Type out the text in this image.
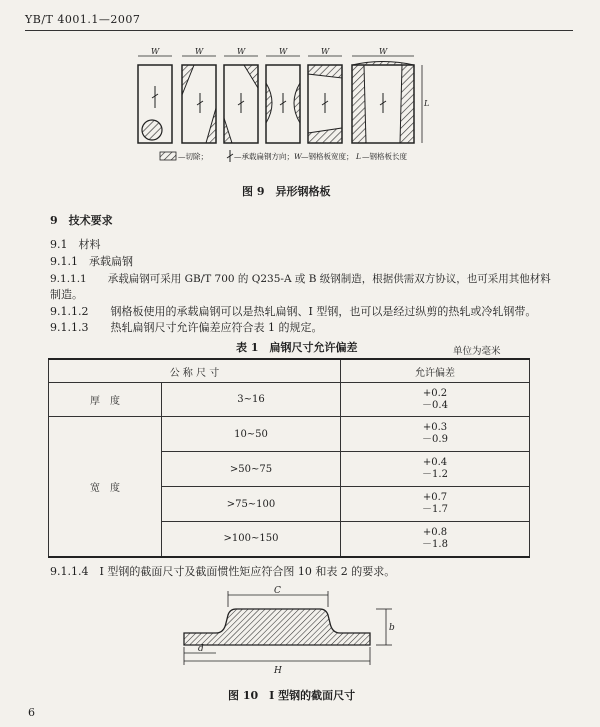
YB/T 4001.1—2007
W	W	W	W	W	W
L
—切除；	—承载扁钢方向； W —钢格板宽度； L —钢格板长度
图 9　异形钢格板
9　技术要求
9.1　材料
9.1.1　承载扁钢
9.1.1.1　　承载扁钢可采用 GB/T 700 的 Q235-A 或 B 级钢制造，根据供需双方协议，也可采用其他材料
制造。
9.1.1.2　　钢格板使用的承载扁钢可以是热轧扁钢、I 型钢，也可以是经过纵剪的热轧或冷轧钢带。
9.1.1.3　　热轧扁钢尺寸允许偏差应符合表 1 的规定。
表 1　扁钢尺寸允许偏差	单位为毫米
公 称 尺 寸		允许偏差
厚　度	3~16	+0.2
－0.4

宽　度	10~50	+0.3
－0.9

	>50~75	+0.4
－1.2

	>75~100	+0.7
－1.7

	>100~150	+0.8
－1.8
9.1.1.4　I 型钢的截面尺寸及截面惯性矩应符合图 10 和表 2 的要求。
C
H
d
b
图 10　I 型钢的截面尺寸
6
